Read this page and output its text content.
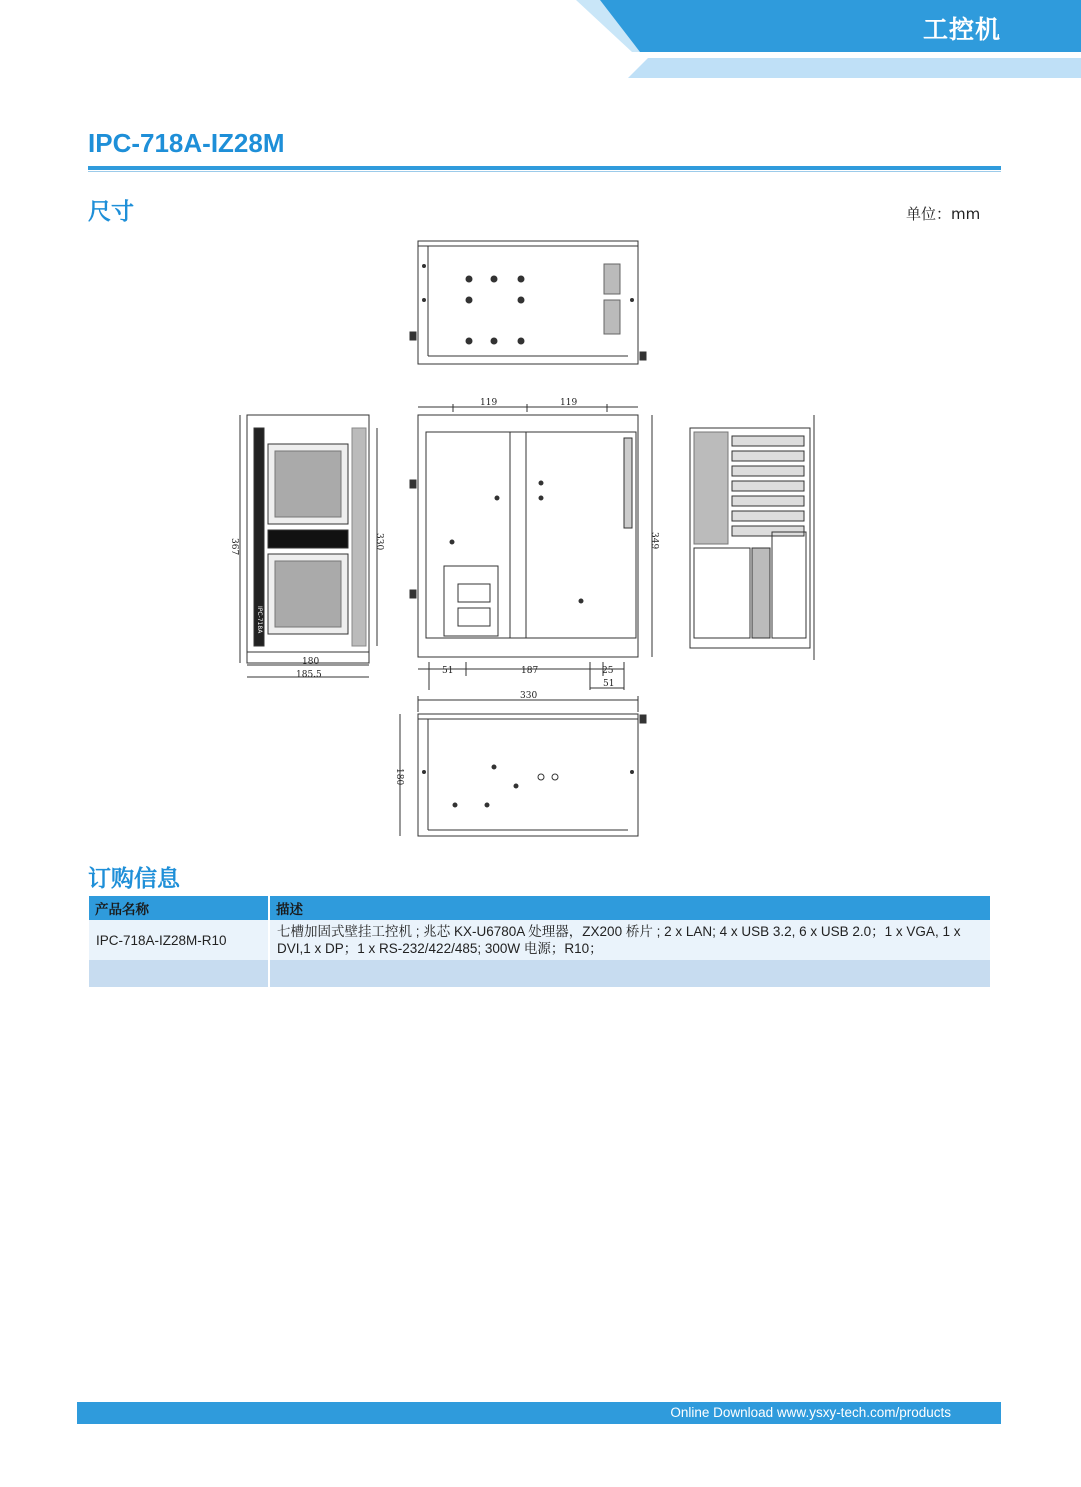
工控机
IPC-718A-IZ28M
尺寸	单位：mm
119	119
367	330
180
185.5
349
51	187	25
51
330
180
IPC-718A
订购信息
产品名称	描述
IPC-718A-IZ28M-R10	七槽加固式壁挂工控机 ; 兆芯 KX-U6780A 处理器，ZX200 桥片 ; 2 x LAN; 4 x USB 3.2, 6 x USB 2.0；1 x VGA, 1 x DVI,1 x DP；1 x RS-232/422/485; 300W 电源；R10；

Online Download www.ysxy-tech.com/products
